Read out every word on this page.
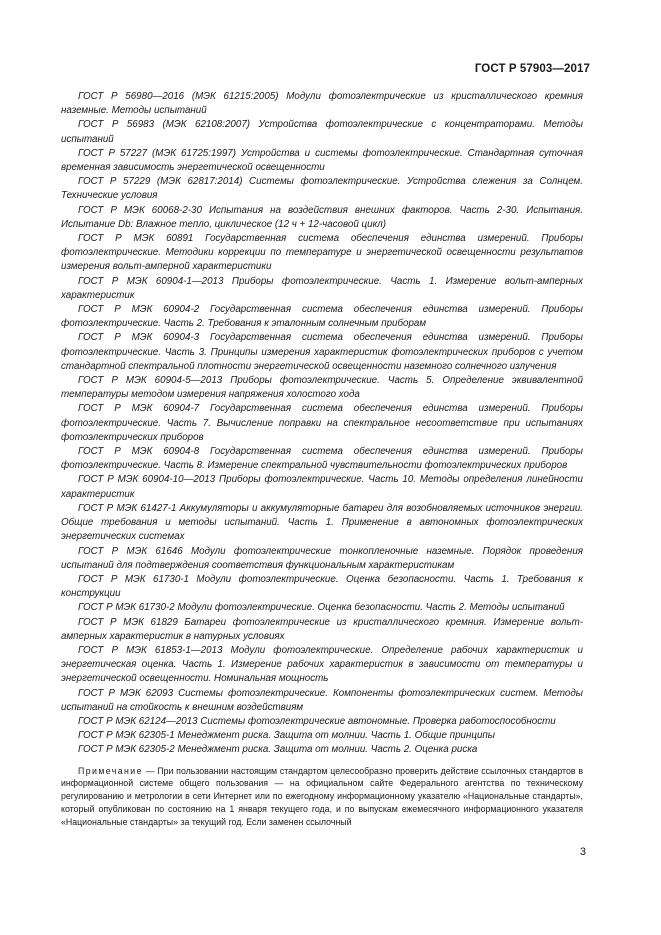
ГОСТ Р 57903—2017

ГОСТ Р 56980—2016 (МЭК 61215:2005) Модули фотоэлектрические из кристаллического кремния наземные. Методы испытаний

ГОСТ Р 56983 (МЭК 62108:2007) Устройства фотоэлектрические с концентраторами. Методы испытаний

ГОСТ Р 57227 (МЭК 61725:1997) Устройства и системы фотоэлектрические. Стандартная суточная временная зависимость энергетической освещенности

ГОСТ Р 57229 (МЭК 62817:2014) Системы фотоэлектрические. Устройства слежения за Солнцем. Технические условия

ГОСТ Р МЭК 60068-2-30 Испытания на воздействия внешних факторов. Часть 2-30. Испытания. Испытание Db: Влажное тепло, циклическое (12 ч + 12-часовой цикл)

ГОСТ Р МЭК 60891 Государственная система обеспечения единства измерений. Приборы фотоэлектрические. Методики коррекции по температуре и энергетической освещенности результатов измерения вольт-амперной характеристики

ГОСТ Р МЭК 60904-1—2013 Приборы фотоэлектрические. Часть 1. Измерение вольт-амперных характеристик

ГОСТ Р МЭК 60904-2 Государственная система обеспечения единства измерений. Приборы фотоэлектрические. Часть 2. Требования к эталонным солнечным приборам

ГОСТ Р МЭК 60904-3 Государственная система обеспечения единства измерений. Приборы фотоэлектрические. Часть 3. Принципы измерения характеристик фотоэлектрических приборов с учетом стандартной спектральной плотности энергетической освещенности наземного солнечного излучения

ГОСТ Р МЭК 60904-5—2013 Приборы фотоэлектрические. Часть 5. Определение эквивалентной температуры методом измерения напряжения холостого хода

ГОСТ Р МЭК 60904-7 Государственная система обеспечения единства измерений. Приборы фотоэлектрические. Часть 7. Вычисление поправки на спектральное несоответствие при испытаниях фотоэлектрических приборов

ГОСТ Р МЭК 60904-8 Государственная система обеспечения единства измерений. Приборы фотоэлектрические. Часть 8. Измерение спектральной чувствительности фотоэлектрических приборов

ГОСТ Р МЭК 60904-10—2013 Приборы фотоэлектрические. Часть 10. Методы определения линейности характеристик

ГОСТ Р МЭК 61427-1 Аккумуляторы и аккумуляторные батареи для возобновляемых источников энергии. Общие требования и методы испытаний. Часть 1. Применение в автономных фотоэлектрических энергетических системах

ГОСТ Р МЭК 61646 Модули фотоэлектрические тонкопленочные наземные. Порядок проведения испытаний для подтверждения соответствия функциональным характеристикам

ГОСТ Р МЭК 61730-1 Модули фотоэлектрические. Оценка безопасности. Часть 1. Требования к конструкции

ГОСТ Р МЭК 61730-2 Модули фотоэлектрические. Оценка безопасности. Часть 2. Методы испытаний

ГОСТ Р МЭК 61829 Батареи фотоэлектрические из кристаллического кремния. Измерение вольт-амперных характеристик в натурных условиях

ГОСТ Р МЭК 61853-1—2013 Модули фотоэлектрические. Определение рабочих характеристик и энергетическая оценка. Часть 1. Измерение рабочих характеристик в зависимости от температуры и энергетической освещенности. Номинальная мощность

ГОСТ Р МЭК 62093 Системы фотоэлектрические. Компоненты фотоэлектрических систем. Методы испытаний на стойкость к внешним воздействиям

ГОСТ Р МЭК 62124—2013 Системы фотоэлектрические автономные. Проверка работоспособности

ГОСТ Р МЭК 62305-1 Менеджмент риска. Защита от молнии. Часть 1. Общие принципы

ГОСТ Р МЭК 62305-2 Менеджмент риска. Защита от молнии. Часть 2. Оценка риска

Примечание — При пользовании настоящим стандартом целесообразно проверить действие ссылочных стандартов в информационной системе общего пользования — на официальном сайте Федерального агентства по техническому регулированию и метрологии в сети Интернет или по ежегодному информационному указателю «Национальные стандарты», который опубликован по состоянию на 1 января текущего года, и по выпускам ежемесячного информационного указателя «Национальные стандарты» за текущий год. Если заменен ссылочный

3
